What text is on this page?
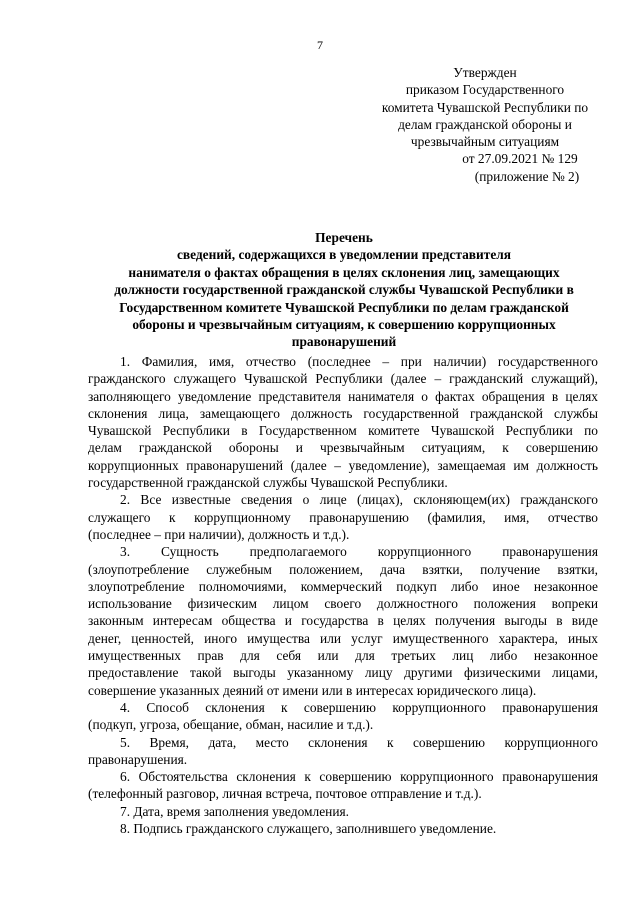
7
Утвержден
приказом Государственного
комитета Чувашской Республики по
делам гражданской обороны и
чрезвычайным ситуациям
от 27.09.2021 № 129
(приложение № 2)
Перечень
сведений, содержащихся в уведомлении представителя
нанимателя о фактах обращения в целях склонения лиц, замещающих
должности государственной гражданской службы Чувашской Республики в
Государственном комитете Чувашской Республики по делам гражданской
обороны и чрезвычайным ситуациям, к совершению коррупционных
правонарушений
1. Фамилия, имя, отчество (последнее – при наличии) государственного
гражданского служащего Чувашской Республики (далее – гражданский служащий),
заполняющего уведомление представителя нанимателя о фактах обращения в целях
склонения лица, замещающего должность государственной гражданской службы
Чувашской Республики в Государственном комитете Чувашской Республики по
делам гражданской обороны и чрезвычайным ситуациям, к совершению
коррупционных правонарушений (далее – уведомление), замещаемая им должность
государственной гражданской службы Чувашской Республики.
2. Все известные сведения о лице (лицах), склоняющем(их) гражданского
служащего к коррупционному правонарушению (фамилия, имя, отчество
(последнее – при наличии), должность и т.д.).
3. Сущность предполагаемого коррупционного правонарушения
(злоупотребление служебным положением, дача взятки, получение взятки,
злоупотребление полномочиями, коммерческий подкуп либо иное незаконное
использование физическим лицом своего должностного положения вопреки
законным интересам общества и государства в целях получения выгоды в виде
денег, ценностей, иного имущества или услуг имущественного характера, иных
имущественных прав для себя или для третьих лиц либо незаконное
предоставление такой выгоды указанному лицу другими физическими лицами,
совершение указанных деяний от имени или в интересах юридического лица).
4. Способ склонения к совершению коррупционного правонарушения
(подкуп, угроза, обещание, обман, насилие и т.д.).
5. Время, дата, место склонения к совершению коррупционного
правонарушения.
6. Обстоятельства склонения к совершению коррупционного правонарушения
(телефонный разговор, личная встреча, почтовое отправление и т.д.).
7. Дата, время заполнения уведомления.
8. Подпись гражданского служащего, заполнившего уведомление.
